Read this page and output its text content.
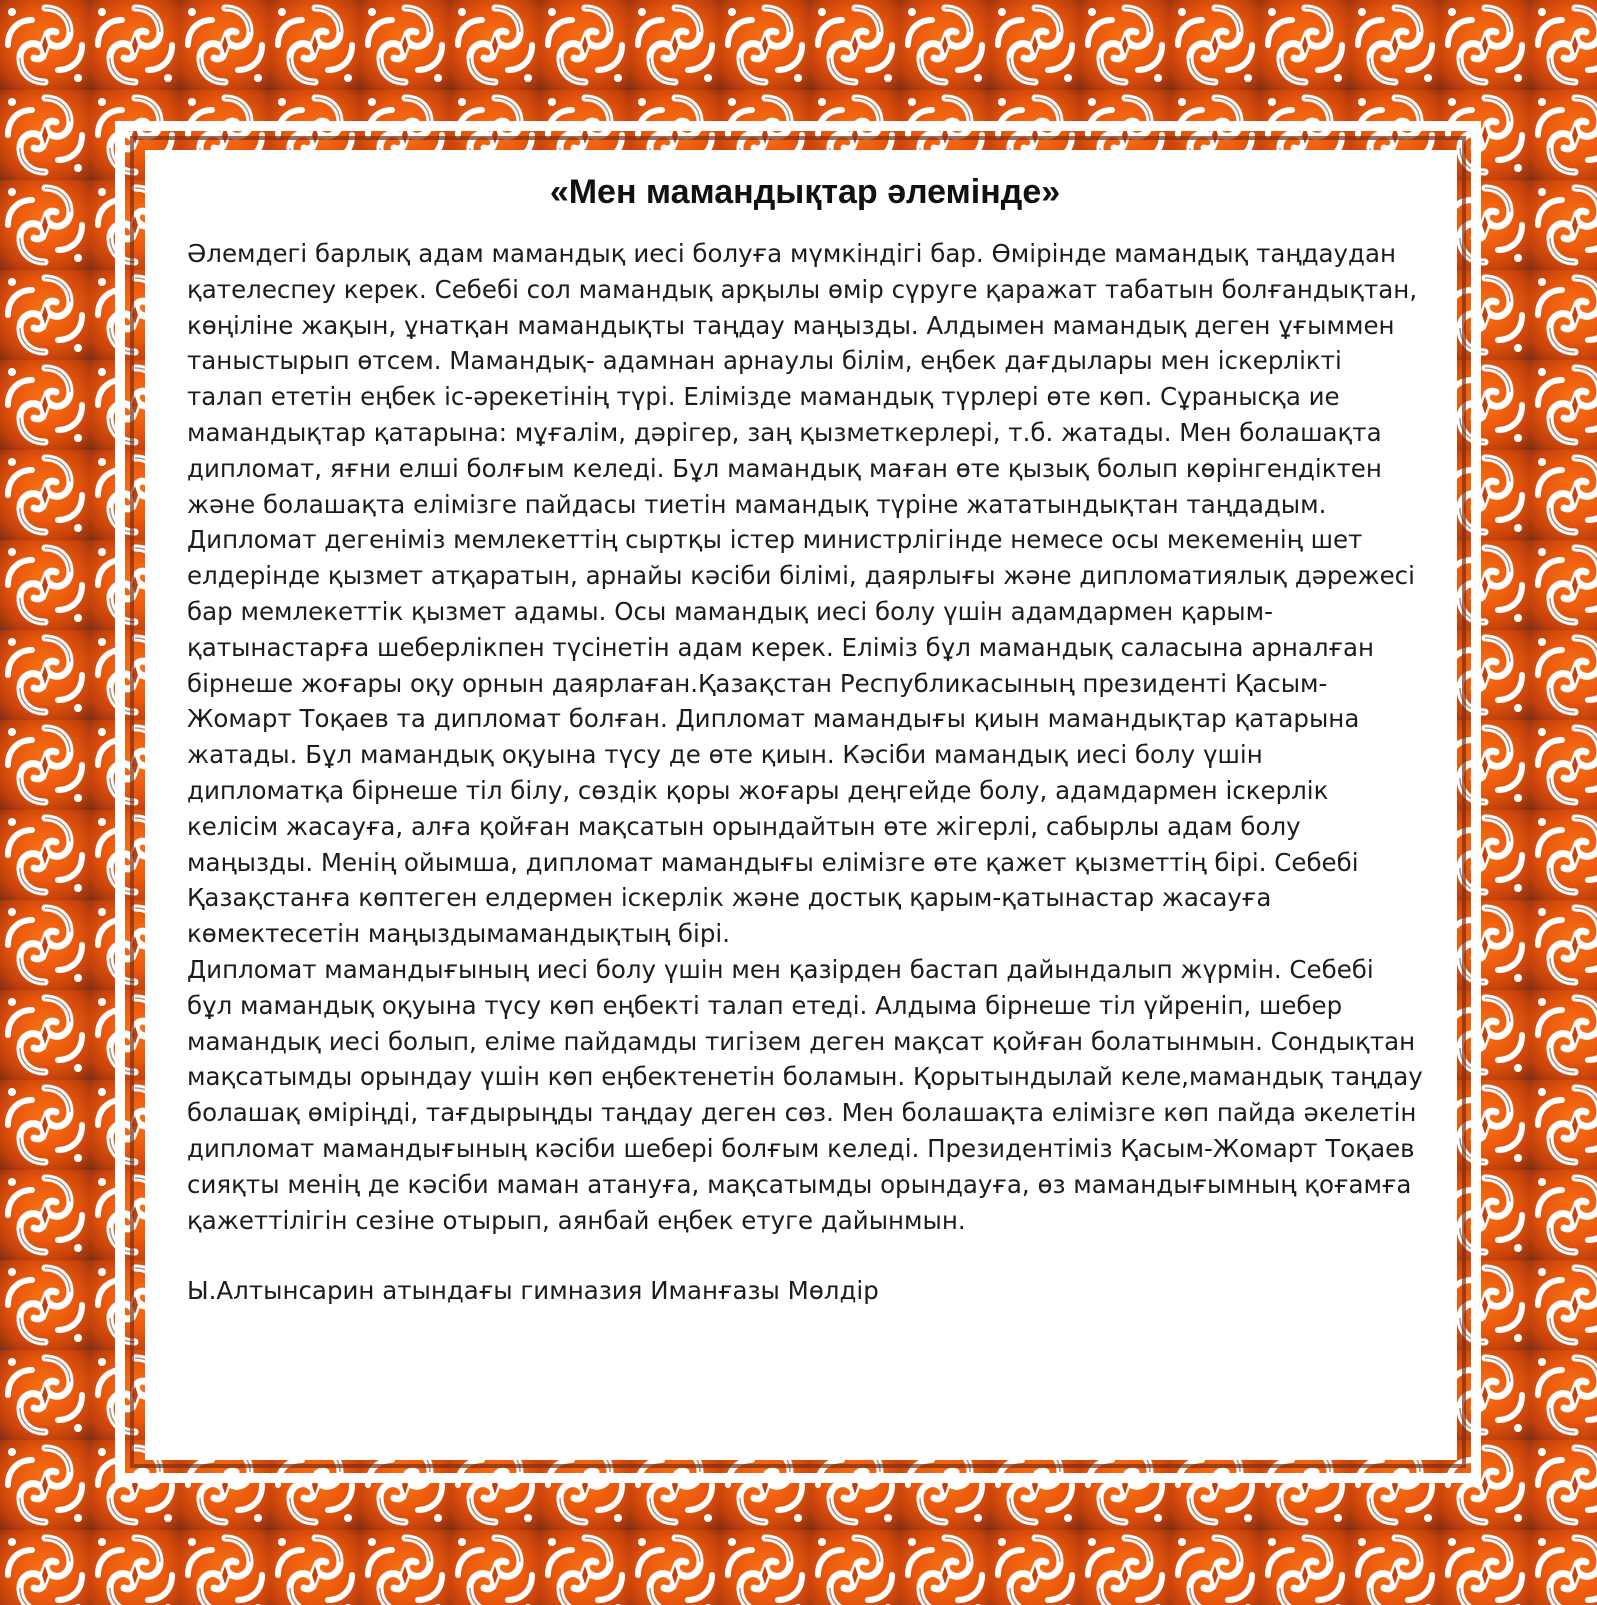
«Мен мамандықтар әлемінде»

Әлемдегі барлық адам мамандық иесі болуға мүмкіндігі бар. Өмірінде мамандық таңдаудан қателеспеу керек. Себебі сол мамандық арқылы өмір сүруге қаражат табатын болғандықтан, көңіліне жақын, ұнатқан мамандықты таңдау маңызды. Алдымен мамандық деген ұғыммен таныстырып өтсем. Мамандық- адамнан арнаулы білім, еңбек дағдылары мен іскерлікті талап ететін еңбек іс-әрекетінің түрі. Елімізде мамандық түрлері өте көп. Сұранысқа ие мамандықтар қатарына: мұғалім, дәрігер, заң қызметкерлері, т.б. жатады. Мен болашақта дипломат, яғни елші болғым келеді. Бұл мамандық маған өте қызық болып көрінгендіктен және болашақта елімізге пайдасы тиетін мамандық түріне жататындықтан таңдадым. Дипломат дегеніміз мемлекеттің сыртқы істер министрлігінде немесе осы мекеменің шет елдерінде қызмет атқаратын, арнайы кәсіби білімі, даярлығы және дипломатиялық дәрежесі бар мемлекеттік қызмет адамы. Осы мамандық иесі болу үшін адамдармен қарым-қатынастарға шеберлікпен түсінетін адам керек. Еліміз бұл мамандық саласына арналған бірнеше жоғары оқу орнын даярлаған.Қазақстан Республикасының президенті Қасым- Жомарт Тоқаев та дипломат болған. Дипломат мамандығы қиын мамандықтар қатарына жатады. Бұл мамандық оқуына түсу де өте қиын. Кәсіби мамандық иесі болу үшін дипломатқа бірнеше тіл білу, сөздік қоры жоғары деңгейде болу, адамдармен іскерлік келісім жасауға, алға қойған мақсатын орындайтын өте жігерлі, сабырлы адам болу маңызды. Менің ойымша, дипломат мамандығы елімізге өте қажет қызметтің бірі. Себебі Қазақстанға көптеген елдермен іскерлік және достық қарым-қатынастар жасауға көмектесетін маңыздымамандықтың бірі.

Дипломат мамандығының иесі болу үшін мен қазірден бастап дайындалып жүрмін. Себебі бұл мамандық оқуына түсу көп еңбекті талап етеді. Алдыма бірнеше тіл үйреніп, шебер мамандық иесі болып, еліме пайдамды тигізем деген мақсат қойған болатынмын. Сондықтан мақсатымды орындау үшін көп еңбектенетін боламын. Қорытындылай келе,мамандық таңдау болашақ өміріңді, тағдырыңды таңдау деген сөз. Мен болашақта елімізге көп пайда әкелетін дипломат мамандығының кәсіби шебері болғым келеді. Президентіміз Қасым-Жомарт Тоқаев сияқты менің де кәсіби маман атануға, мақсатымды орындауға, өз мамандығымның қоғамға қажеттілігін сезіне отырып, аянбай еңбек етуге дайынмын.

Ы.Алтынсарин атындағы гимназия Иманғазы Мөлдір
